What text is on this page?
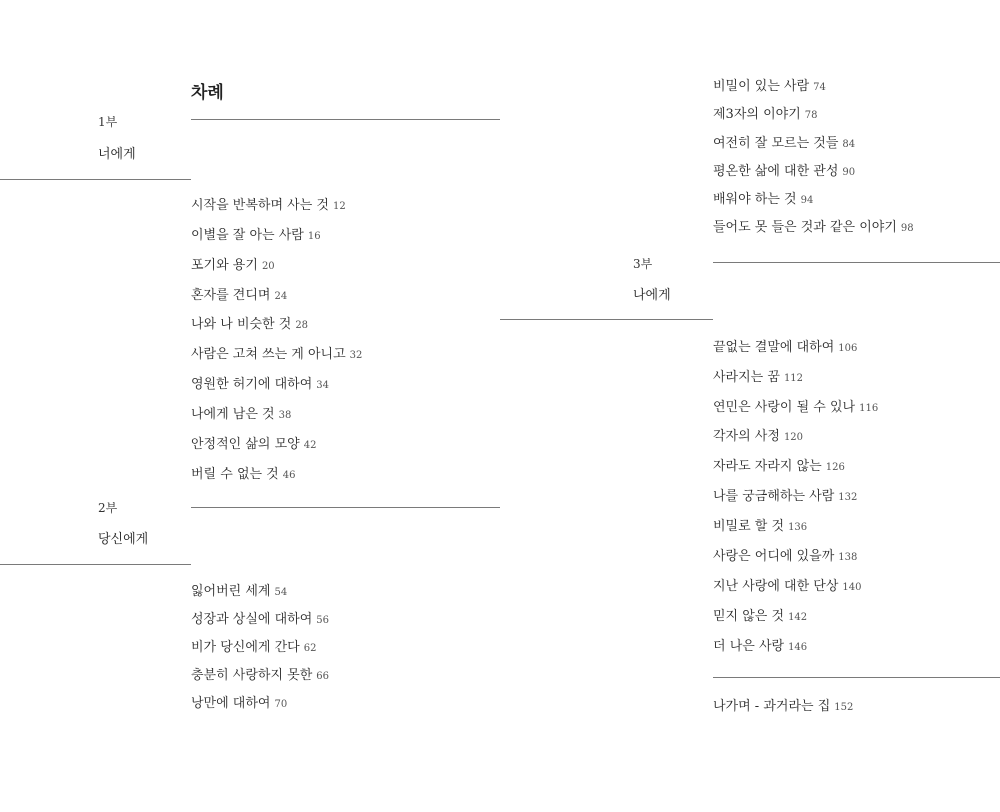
차례
1부
너에게
시작을 반복하며 사는 것 12
이별을 잘 아는 사람 16
포기와 용기 20
혼자를 견디며 24
나와 나 비슷한 것 28
사람은 고쳐 쓰는 게 아니고 32
영원한 허기에 대하여 34
나에게 남은 것 38
안정적인 삶의 모양 42
버릴 수 없는 것 46
2부
당신에게
잃어버린 세계 54
성장과 상실에 대하여 56
비가 당신에게 간다 62
충분히 사랑하지 못한 66
낭만에 대하여 70
비밀이 있는 사람 74
제3자의 이야기 78
여전히 잘 모르는 것들 84
평온한 삶에 대한 관성 90
배워야 하는 것 94
들어도 못 들은 것과 같은 이야기 98
3부
나에게
끝없는 결말에 대하여 106
사라지는 꿈 112
연민은 사랑이 될 수 있나 116
각자의 사정 120
자라도 자라지 않는 126
나를 궁금해하는 사람 132
비밀로 할 것 136
사랑은 어디에 있을까 138
지난 사랑에 대한 단상 140
믿지 않은 것 142
더 나은 사랑 146
나가며 - 과거라는 집 152
